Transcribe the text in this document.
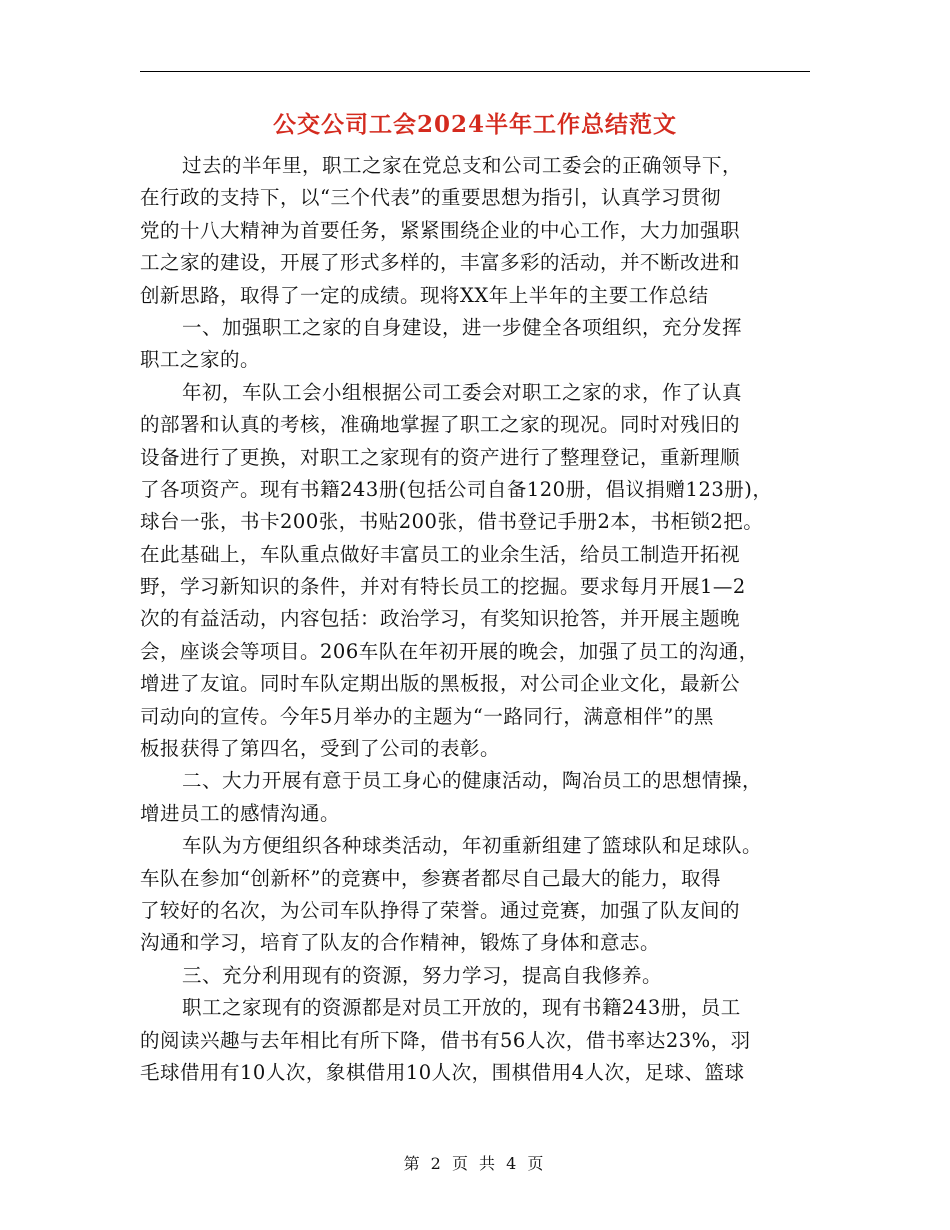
公交公司工会2024半年工作总结范文
过去的半年里，职工之家在党总支和公司工委会的正确领导下，
在行政的支持下，以“三个代表”的重要思想为指引，认真学习贯彻
党的十八大精神为首要任务，紧紧围绕企业的中心工作，大力加强职
工之家的建设，开展了形式多样的，丰富多彩的活动，并不断改进和
创新思路，取得了一定的成绩。现将XX年上半年的主要工作总结
一、加强职工之家的自身建设，进一步健全各项组织，充分发挥
职工之家的。
年初，车队工会小组根据公司工委会对职工之家的求，作了认真
的部署和认真的考核，准确地掌握了职工之家的现况。同时对残旧的
设备进行了更换，对职工之家现有的资产进行了整理登记，重新理顺
了各项资产。现有书籍243册(包括公司自备120册，倡议捐赠123册)，
球台一张，书卡200张，书贴200张，借书登记手册2本，书柜锁2把。
在此基础上，车队重点做好丰富员工的业余生活，给员工制造开拓视
野，学习新知识的条件，并对有特长员工的挖掘。要求每月开展1—2
次的有益活动，内容包括：政治学习，有奖知识抢答，并开展主题晚
会，座谈会等项目。206车队在年初开展的晚会，加强了员工的沟通，
增进了友谊。同时车队定期出版的黑板报，对公司企业文化，最新公
司动向的宣传。今年5月举办的主题为“一路同行，满意相伴”的黑
板报获得了第四名，受到了公司的表彰。
二、大力开展有意于员工身心的健康活动，陶冶员工的思想情操，
增进员工的感情沟通。
车队为方便组织各种球类活动，年初重新组建了篮球队和足球队。
车队在参加“创新杯”的竞赛中，参赛者都尽自己最大的能力，取得
了较好的名次，为公司车队挣得了荣誉。通过竞赛，加强了队友间的
沟通和学习，培育了队友的合作精神，锻炼了身体和意志。
三、充分利用现有的资源，努力学习，提高自我修养。
职工之家现有的资源都是对员工开放的，现有书籍243册，员工
的阅读兴趣与去年相比有所下降，借书有56人次，借书率达23%，羽
毛球借用有10人次，象棋借用10人次，围棋借用4人次，足球、篮球
第 2 页 共 4 页
